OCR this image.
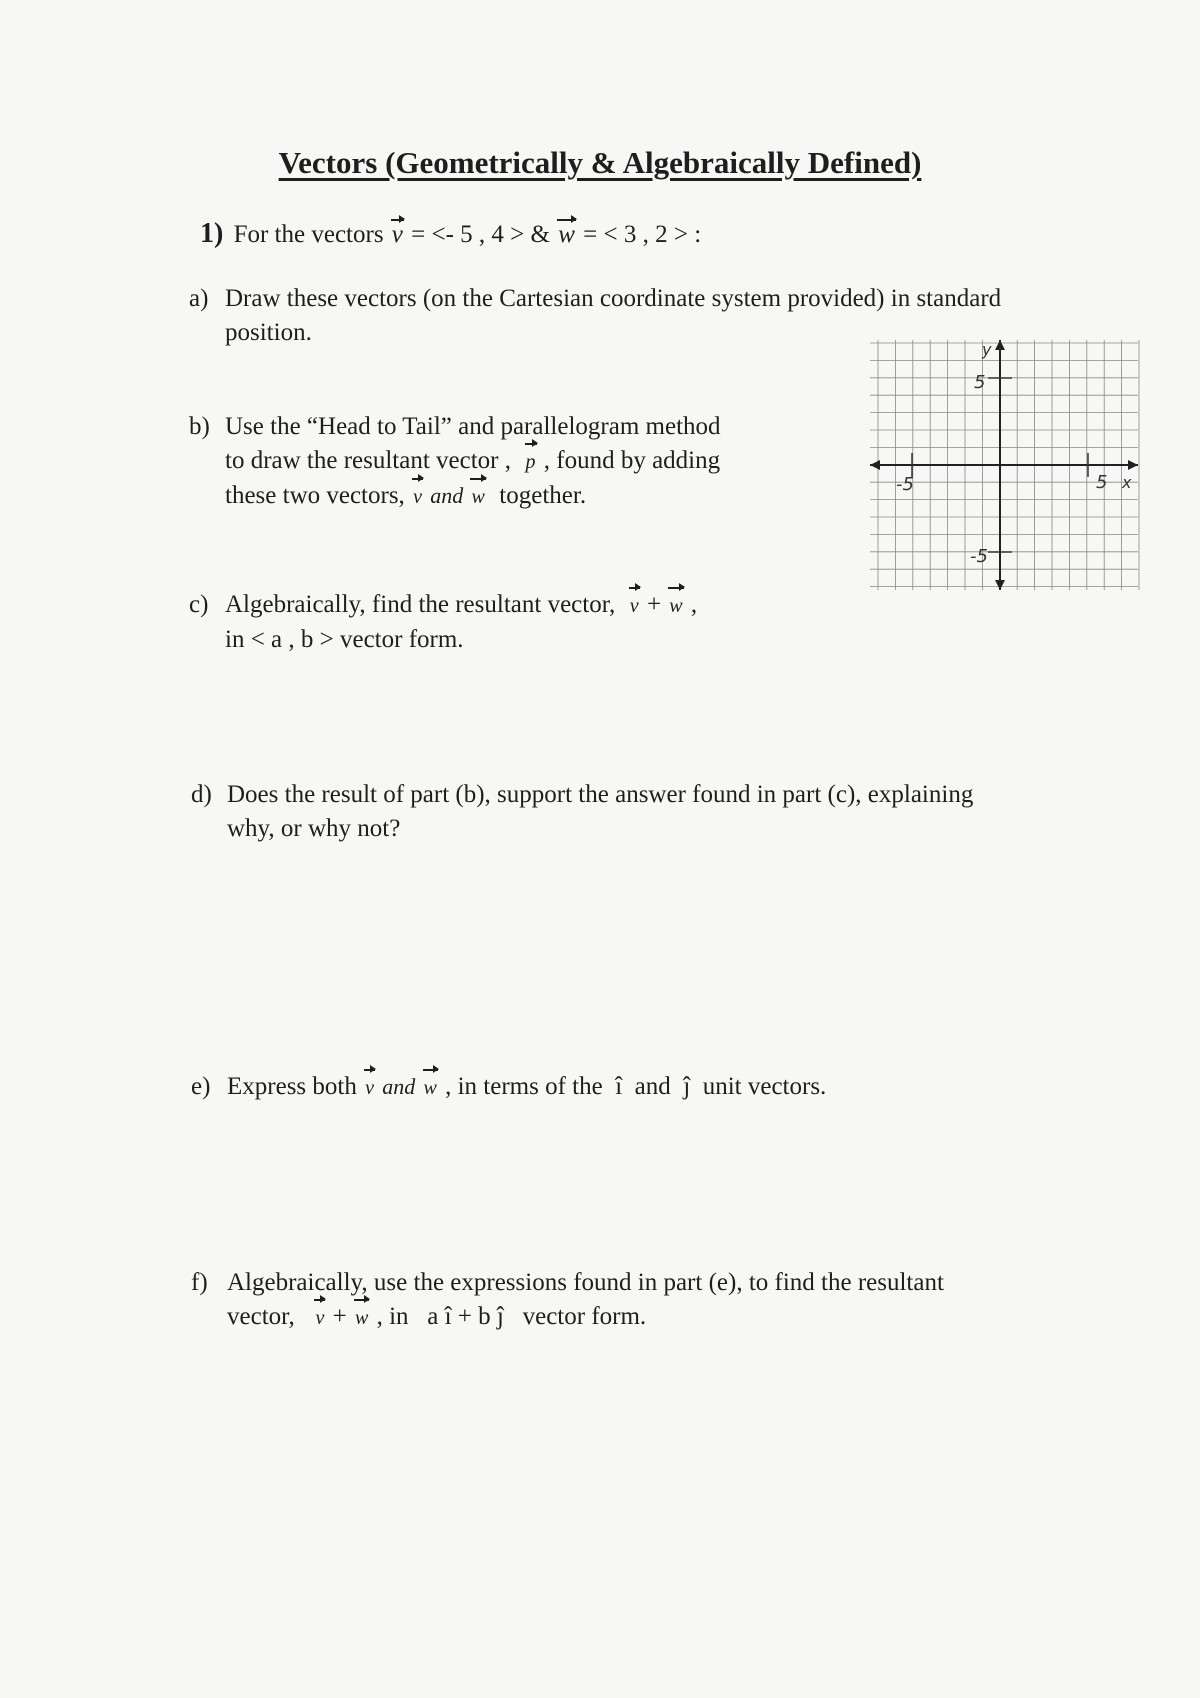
Vectors (Geometrically & Algebraically Defined)
1) For the vectors v = <- 5 , 4 > & w = < 3 , 2 > :
a) Draw these vectors (on the Cartesian coordinate system provided) in standard
position.
b) Use the “Head to Tail” and parallelogram method
to draw the resultant vector , p , found by adding
these two vectors, v and w together.
c) Algebraically, find the resultant vector, v + w ,
in < a , b > vector form.
d) Does the result of part (b), support the answer found in part (c), explaining
why, or why not?
e) Express both v and w , in terms of the î and ĵ unit vectors.
f) Algebraically, use the expressions found in part (e), to find the resultant
vector, v + w , in a î + b ĵ vector form.
y
x
5
-5
-5	5
